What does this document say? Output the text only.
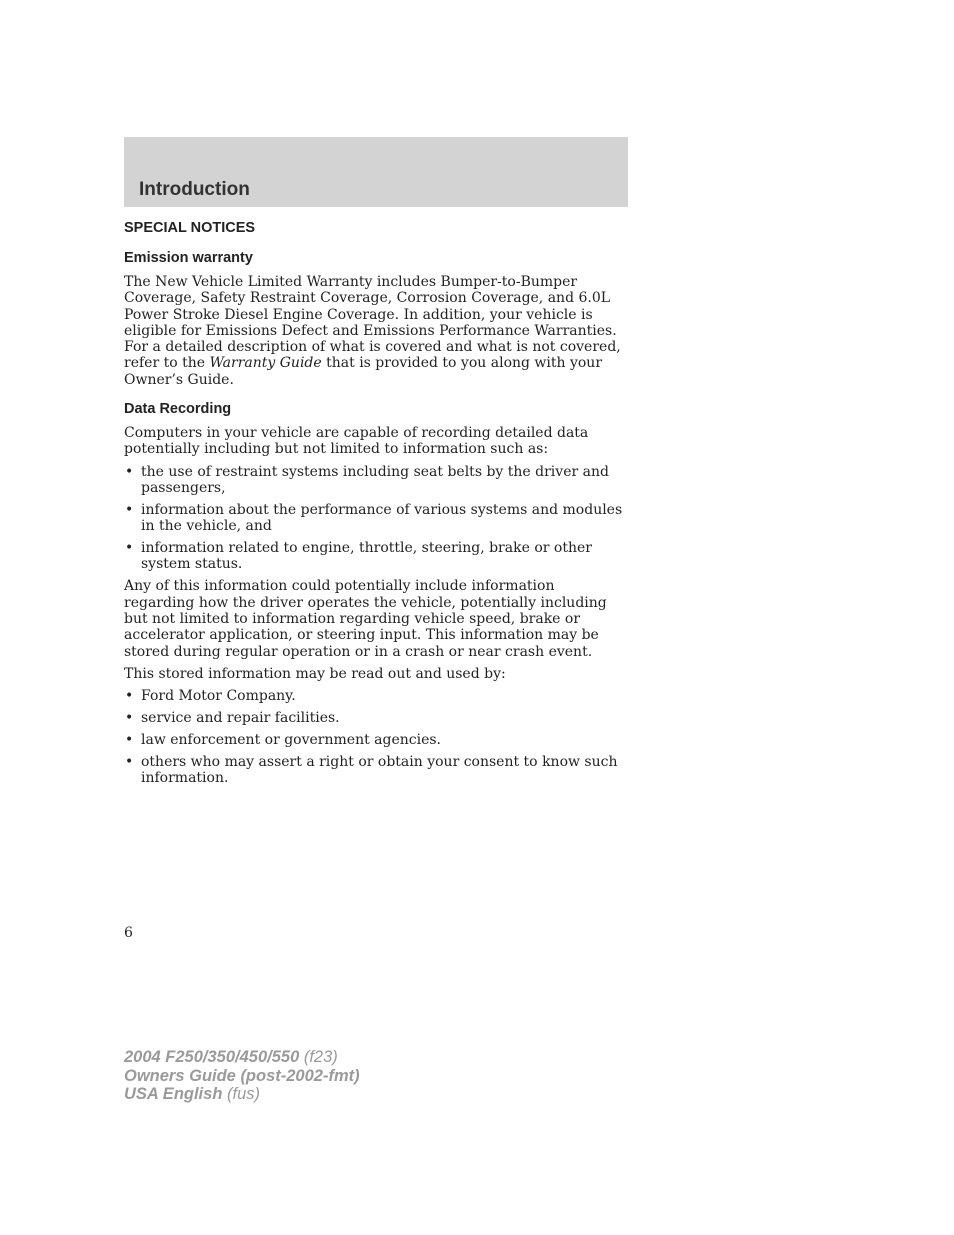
Introduction
SPECIAL NOTICES
Emission warranty

The New Vehicle Limited Warranty includes Bumper-to-Bumper Coverage, Safety Restraint Coverage, Corrosion Coverage, and 6.0L Power Stroke Diesel Engine Coverage. In addition, your vehicle is eligible for Emissions Defect and Emissions Performance Warranties. For a detailed description of what is covered and what is not covered, refer to the Warranty Guide that is provided to you along with your Owner’s Guide.

Data Recording

Computers in your vehicle are capable of recording detailed data potentially including but not limited to information such as:

• the use of restraint systems including seat belts by the driver and passengers,
• information about the performance of various systems and modules in the vehicle, and
• information related to engine, throttle, steering, brake or other system status.

Any of this information could potentially include information regarding how the driver operates the vehicle, potentially including but not limited to information regarding vehicle speed, brake or accelerator application, or steering input. This information may be stored during regular operation or in a crash or near crash event.

This stored information may be read out and used by:

• Ford Motor Company.
• service and repair facilities.
• law enforcement or government agencies.
• others who may assert a right or obtain your consent to know such information.
6
2004 F250/350/450/550 (f23)
Owners Guide (post-2002-fmt)
USA English (fus)
